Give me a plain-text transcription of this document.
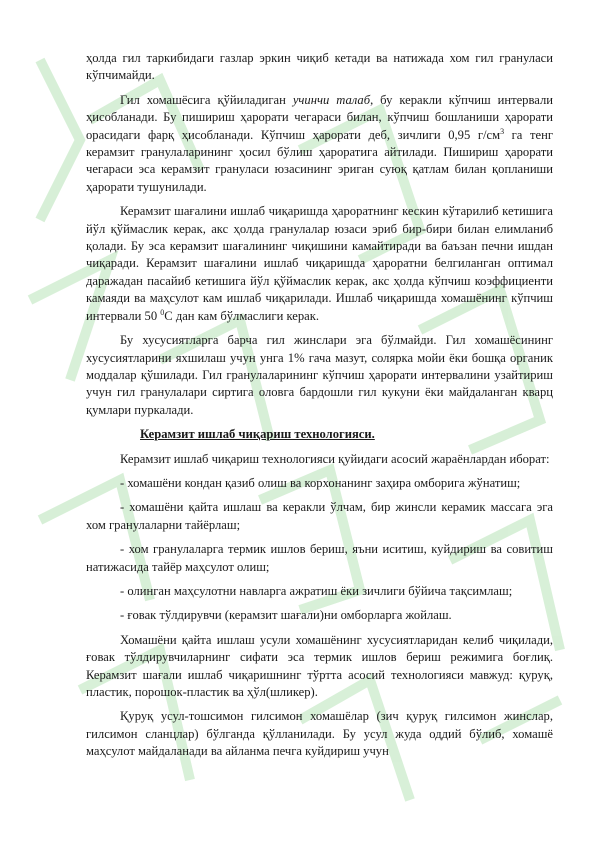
ҳолда гил таркибидаги газлар эркин чиқиб кетади ва натижада хом гил грануласи кўпчимайди.

Гил хомашёсига қўйиладиган учинчи талаб, бу керакли кўпчиш интервали ҳисобланади. Бу пишириш ҳарорати чегараси билан, кўпчиш бошланиши ҳарорати орасидаги фарқ ҳисобланади. Кўпчиш ҳарорати деб, зичлиги 0,95 $г/см^3$ га тенг керамзит гранулаларининг ҳосил бўлиш ҳароратига айтилади. Пишириш ҳарорати чегараси эса керамзит грануласи юзасининг эриган суюқ қатлам билан қопланиши ҳарорати тушунилади.

Керамзит шағалини ишлаб чиқаришда ҳароратнинг кескин кўтарилиб кетишига йўл қўймаслик керак, акс ҳолда гранулалар юзаси эриб бир-бири билан елимланиб қолади. Бу эса керамзит шағалининг чиқишини камайтиради ва баъзан печни ишдан чиқаради. Керамзит шағалини ишлаб чиқаришда ҳароратни белгиланган оптимал даражадан пасайиб кетишига йўл қўймаслик керак, акс ҳолда кўпчиш коэффициенти камаяди ва маҳсулот кам ишлаб чиқарилади. Ишлаб чиқаришда хомашёнинг кўпчиш интервали 50 $^0$С дан кам бўлмаслиги керак.

Бу хусусиятларга барча гил жинслари эга бўлмайди. Гил хомашёсининг хусусиятларини яхшилаш учун унга 1% гача мазут, солярка мойи ёки бошқа органик моддалар қўшилади. Гил гранулаларининг кўпчиш ҳарорати интервалини узайтириш учун гил гранулалари сиртига оловга бардошли гил кукуни ёки майдаланган кварц қумлари пуркалади.

Керамзит ишлаб чиқариш технологияси.

Керамзит ишлаб чиқариш технологияси қуйидаги асосий жараёнлардан иборат:

- хомашёни кондан қазиб олиш ва корхонанинг заҳира омборига жўнатиш;

- хомашёни қайта ишлаш ва керакли ўлчам, бир жинсли керамик массага эга хом гранулаларни тайёрлаш;

- хом гранулаларга термик ишлов бериш, яъни иситиш, куйдириш ва совитиш натижасида тайёр маҳсулот олиш;

- олинган маҳсулотни навларга ажратиш ёки зичлиги бўйича тақсимлаш;

- ғовак тўлдирувчи (керамзит шағали)ни омборларга жойлаш.

Хомашёни қайта ишлаш усули хомашёнинг хусусиятларидан келиб чиқилади, ғовак тўлдирувчиларнинг сифати эса термик ишлов бериш режимига боғлиқ. Керамзит шағали ишлаб чиқаришнинг тўртта асосий технологияси мавжуд: қуруқ, пластик, порошок-пластик ва ҳўл(шликер).

Қуруқ усул-тошсимон гилсимон хомашёлар (зич қуруқ гилсимон жинслар, гилсимон сланцлар) бўлганда қўлланилади. Бу усул жуда оддий бўлиб, хомашё маҳсулот майдаланади ва айланма печга куйдириш учун
